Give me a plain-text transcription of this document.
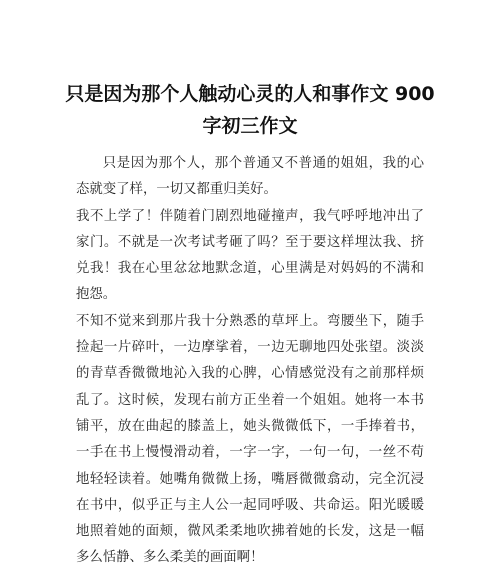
只是因为那个人触动心灵的人和事作文 900
字初三作文

只是因为那个人，那个普通又不普通的姐姐，我的心态就变了样，一切又都重归美好。

我不上学了！伴随着门剧烈地碰撞声，我气呼呼地冲出了家门。不就是一次考试考砸了吗？至于要这样埋汰我、挤兑我！我在心里忿忿地默念道，心里满是对妈妈的不满和抱怨。

不知不觉来到那片我十分熟悉的草坪上。弯腰坐下，随手捡起一片碎叶，一边摩挲着，一边无聊地四处张望。淡淡的青草香微微地沁入我的心脾，心情感觉没有之前那样烦乱了。这时候，发现右前方正坐着一个姐姐。她将一本书铺平，放在曲起的膝盖上，她头微微低下，一手捧着书，一手在书上慢慢滑动着，一字一字，一句一句，一丝不苟地轻轻读着。她嘴角微微上扬，嘴唇微微翕动，完全沉浸在书中，似乎正与主人公一起同呼吸、共命运。阳光暖暖地照着她的面颊，微风柔柔地吹拂着她的长发，这是一幅多么恬静、多么柔美的画面啊！
